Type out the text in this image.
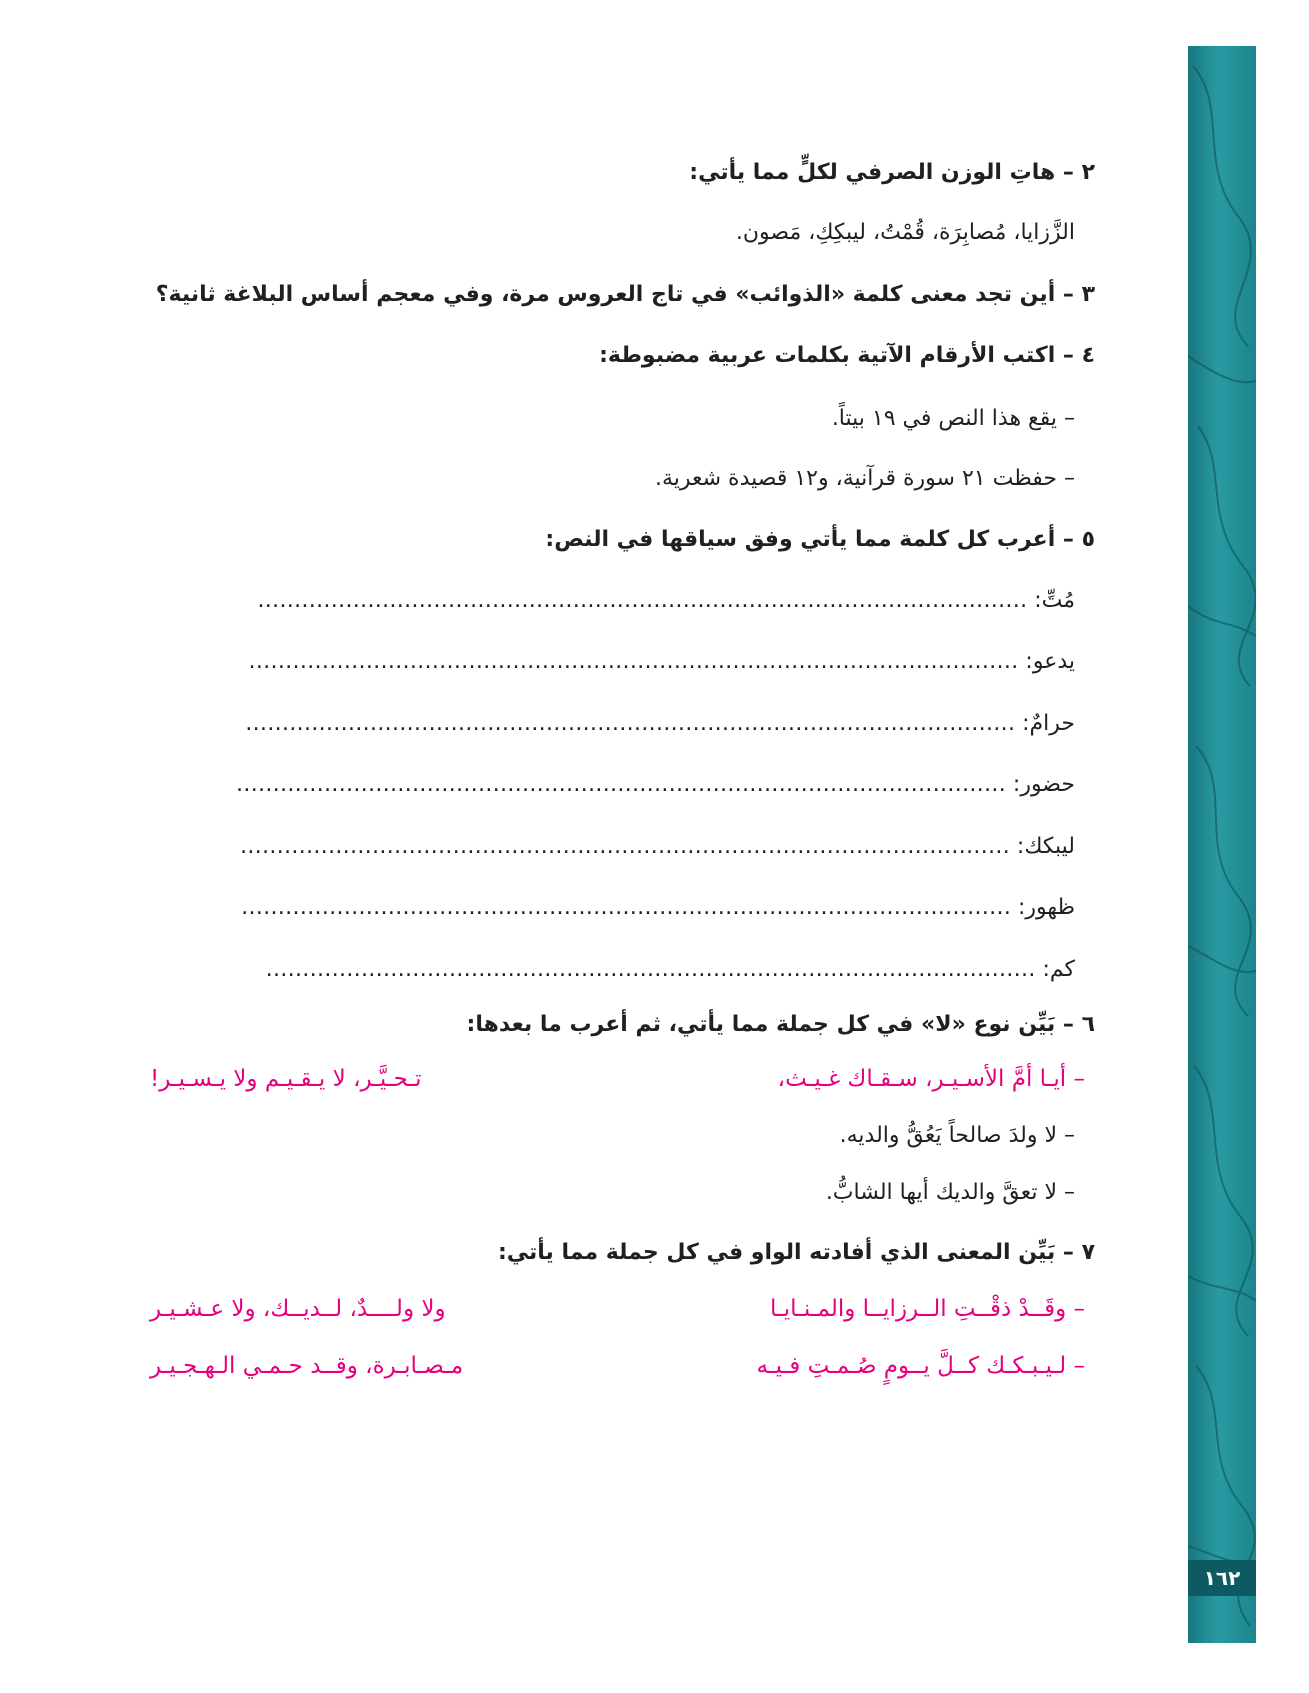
١٦٢
٢ – هاتِ الوزن الصرفي لكلٍّ مما يأتي:
الزَّزايا، مُصابِرَة، قُمْتُ، ليبكِكِ، مَصون.
٣ – أين تجد معنى كلمة «الذوائب» في تاج العروس مرة، وفي معجم أساس البلاغة ثانية؟
٤ – اكتب الأرقام الآتية بكلمات عربية مضبوطة:
– يقع هذا النص في ١٩ بيتاً.
– حفظت ٢١ سورة قرآنية، و١٢ قصيدة شعرية.
٥ – أعرب كل كلمة مما يأتي وفق سياقها في النص:
مُتِّ: ……………………………………………………………………………………………
يدعو: ……………………………………………………………………………………………
حرامٌ: ……………………………………………………………………………………………
حضور: ……………………………………………………………………………………………
ليبكك: ……………………………………………………………………………………………
ظهور: ……………………………………………………………………………………………
كم: ……………………………………………………………………………………………
٦ – بَيِّن نوع «لا» في كل جملة مما يأتي، ثم أعرب ما بعدها:
– أيـا أمَّ الأسـيـر، سـقـاك غـيـث،
تـحـيَّـر، لا يـقـيـم ولا يـسـيـر!
– لا ولدَ صالحاً يَعُقُّ والديه.
– لا تعقَّ والديك أيها الشابُّ.
٧ – بَيِّن المعنى الذي أفادته الواو في كل جملة مما يأتي:
– وقَــدْ ذقْــتِ الــرزايــا والمـنـايـا
ولا ولــــدٌ، لــديــك، ولا عـشـيـر
– لـيـبـكـك كــلَّ يــومٍ صُـمـتِ فـيـه
مـصـابـرة، وقــد حـمـي الـهـجـيـر
